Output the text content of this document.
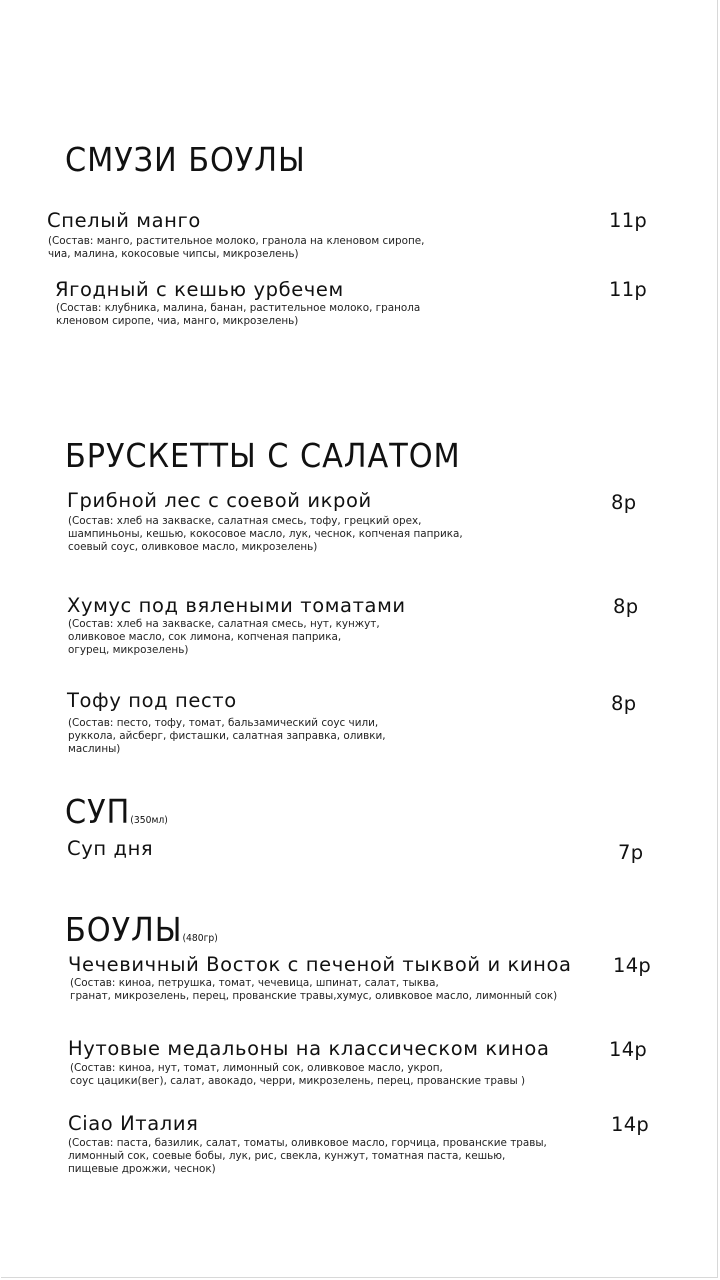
СМУЗИ БОУЛЫ
Спелый манго	11р
(Состав: манго, растительное молоко, гранола на кленовом сиропе,
чиа, малина, кокосовые чипсы, микрозелень)
Ягодный с кешью урбечем	11р
(Состав: клубника, малина, банан, растительное молоко, гранола
кленовом сиропе, чиа, манго, микрозелень)
БРУСКЕТТЫ С САЛАТОМ
Грибной лес с соевой икрой	8р
(Состав: хлеб на закваске, салатная смесь, тофу, грецкий орех,
шампиньоны, кешью, кокосовое масло, лук, чеснок, копченая паприка,
соевый соус, оливковое масло, микрозелень)
Хумус под вялеными томатами	8р
(Состав: хлеб на закваске, салатная смесь, нут, кунжут,
оливковое масло, сок лимона, копченая паприка,
огурец, микрозелень)
Тофу под песто	8р
(Состав: песто, тофу, томат, бальзамический соус чили,
руккола, айсберг, фисташки, салатная заправка, оливки,
маслины)
СУП(350мл)
Суп дня	7р
БОУЛЫ(480гр)
Чечевичный Восток с печеной тыквой и киноа 14р
(Состав: киноа, петрушка, томат, чечевица, шпинат, салат, тыква,
гранат, микрозелень, перец, прованские травы,хумус, оливковое масло, лимонный сок)
Нутовые медальоны на классическом киноа	14р
(Состав: киноа, нут, томат, лимонный сок, оливковое масло, укроп,
соус цацики(вег), салат, авокадо, черри, микрозелень, перец, прованские травы )
Ciao Италия	14р
(Состав: паста, базилик, салат, томаты, оливковое масло, горчица, прованские травы,
лимонный сок, соевые бобы, лук, рис, свекла, кунжут, томатная паста, кешью,
пищевые дрожжи, чеснок)
